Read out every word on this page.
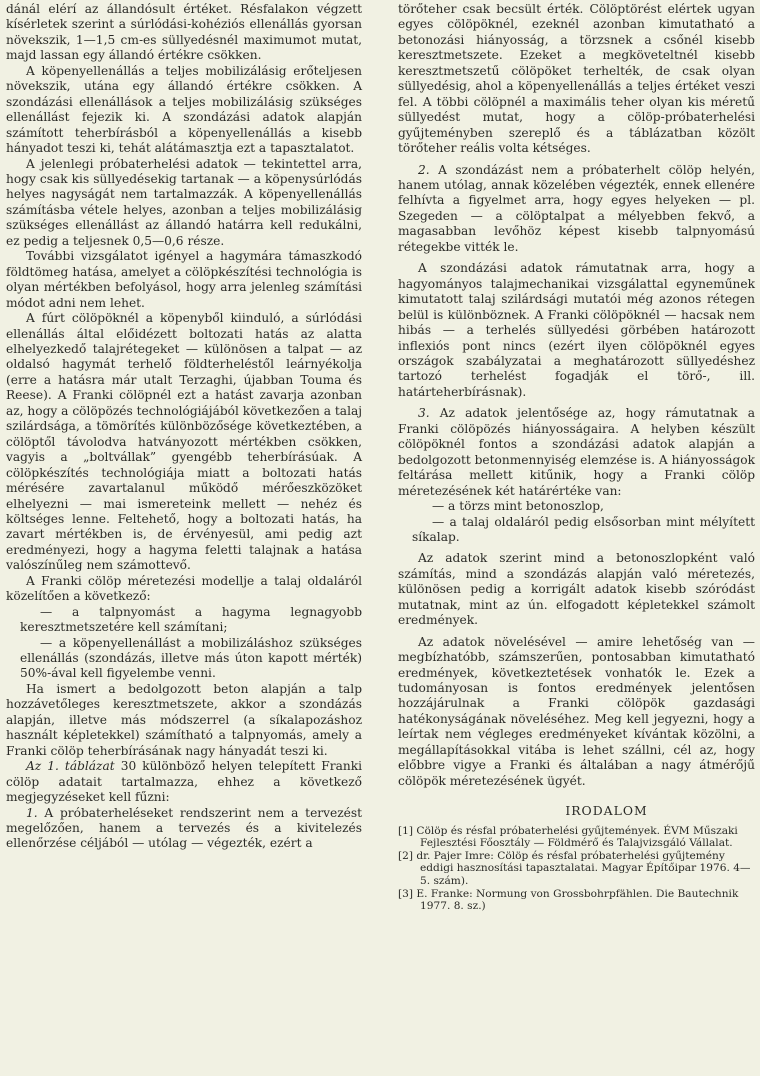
dánál elérí az állandósult értéket. Résfalakon végzett kísérletek szerint a súrlódási-kohéziós ellenállás gyorsan növekszik, 1—1,5 cm-es süllyedésnél maximumot mutat, majd lassan egy állandó értékre csökken.

A köpenyellenállás a teljes mobilizálásig erőteljesen növekszik, utána egy állandó értékre csökken. A szondázási ellenállások a teljes mobilizálásig szükséges ellenállást fejezik ki. A szondázási adatok alapján számított teherbírásból a köpenyellenállás a kisebb hányadot teszi ki, tehát alátámasztja ezt a tapasztalatot.

A jelenlegi próbaterhelési adatok — tekintettel arra, hogy csak kis süllyedésekig tartanak — a köpenysúrlódás helyes nagyságát nem tartalmazzák. A köpenyellenállás számításba vétele helyes, azonban a teljes mobilizálásig szükséges ellenállást az állandó határra kell redukálni, ez pedig a teljesnek 0,5—0,6 része.

További vizsgálatot igényel a hagymára támaszkodó földtömeg hatása, amelyet a cölöpkészítési technológia is olyan mértékben befolyásol, hogy arra jelenleg számítási módot adni nem lehet.

A fúrt cölöpöknél a köpenyből kiinduló, a súrlódási ellenállás által előidézett boltozati hatás az alatta elhelyezkedő talajrétegeket — különösen a talpat — az oldalsó hagymát terhelő földterheléstől leárnyékolja (erre a hatásra már utalt Terzaghi, újabban Touma és Reese). A Franki cölöpnél ezt a hatást zavarja azonban az, hogy a cölöpözés technológiájából következően a talaj szilárdsága, a tömörítés különbözősége következtében, a cölöptől távolodva hatványozott mértékben csökken, vagyis a „boltvállak” gyengébb teherbírásúak. A cölöpkészítés technológiája miatt a boltozati hatás mérésére zavartalanul működő mérőeszközöket elhelyezni — mai ismereteink mellett — nehéz és költséges lenne. Feltehető, hogy a boltozati hatás, ha zavart mértékben is, de érvényesül, ami pedig azt eredményezi, hogy a hagyma feletti talajnak a hatása valószínűleg nem számottevő.

A Franki cölöp méretezési modellje a talaj oldaláról közelítően a következő:

— a talpnyomást a hagyma legnagyobb keresztmetszetére kell számítani;

— a köpenyellenállást a mobilizáláshoz szükséges ellenállás (szondázás, illetve más úton kapott mérték) 50%-ával kell figyelembe venni.

Ha ismert a bedolgozott beton alapján a talp hozzávetőleges keresztmetszete, akkor a szondázás alapján, illetve más módszerrel (a síkalapozáshoz használt képletekkel) számítható a talpnyomás, amely a Franki cölöp teherbírásának nagy hányadát teszi ki.

Az 1. táblázat 30 különböző helyen telepített Franki cölöp adatait tartalmazza, ehhez a következő megjegyzéseket kell fűzni:

1. A próbaterheléseket rendszerint nem a tervezést megelőzően, hanem a tervezés és a kivitelezés ellenőrzése céljából — utólag — végezték, ezért a

törőteher csak becsült érték. Cölöptörést elértek ugyan egyes cölöpöknél, ezeknél azonban kimutatható a betonozási hiányosság, a törzsnek a csőnél kisebb keresztmetszete. Ezeket a megköveteltnél kisebb keresztmetszetű cölöpöket terhelték, de csak olyan süllyedésig, ahol a köpenyellenállás a teljes értéket veszi fel. A többi cölöpnél a maximális teher olyan kis méretű süllyedést mutat, hogy a cölöp-próbaterhelési gyűjteményben szereplő és a táblázatban közölt törőteher reális volta kétséges.

2. A szondázást nem a próbaterhelt cölöp helyén, hanem utólag, annak közelében végezték, ennek ellenére felhívta a figyelmet arra, hogy egyes helyeken — pl. Szegeden — a cölöptalpat a mélyebben fekvő, a magasabban levőhöz képest kisebb talpnyomású rétegekbe vitték le.

A szondázási adatok rámutatnak arra, hogy a hagyományos talajmechanikai vizsgálattal egyneműnek kimutatott talaj szilárdsági mutatói még azonos rétegen belül is különböznek. A Franki cölöpöknél — hacsak nem hibás — a terhelés süllyedési görbében határozott inflexiós pont nincs (ezért ilyen cölöpöknél egyes országok szabályzatai a meghatározott süllyedéshez tartozó terhelést fogadják el törő-, ill. határteherbírásnak).

3. Az adatok jelentősége az, hogy rámutatnak a Franki cölöpözés hiányosságaira. A helyben készült cölöpöknél fontos a szondázási adatok alapján a bedolgozott betonmennyiség elemzése is. A hiányosságok feltárása mellett kitűnik, hogy a Franki cölöp méretezésének két határértéke van:

— a törzs mint betonoszlop,

— a talaj oldaláról pedig elsősorban mint mélyített síkalap.

Az adatok szerint mind a betonoszlopként való számítás, mind a szondázás alapján való méretezés, különösen pedig a korrigált adatok kisebb szóródást mutatnak, mint az ún. elfogadott képletekkel számolt eredmények.

Az adatok növelésével — amire lehetőség van — megbízhatóbb, számszerűen, pontosabban kimutatható eredmények, következtetések vonhatók le. Ezek a tudományosan is fontos eredmények jelentősen hozzájárulnak a Franki cölöpök gazdasági hatékonyságának növeléséhez. Meg kell jegyezni, hogy a leírtak nem végleges eredményeket kívántak közölni, a megállapításokkal vitába is lehet szállni, cél az, hogy előbbre vigye a Franki és általában a nagy átmérőjű cölöpök méretezésének ügyét.

IRODALOM

[1] Cölöp és résfal próbaterhelési gyűjtemények. ÉVM Műszaki Fejlesztési Főosztály — Földmérő és Talajvizsgáló Vállalat.

[2] dr. Pajer Imre: Cölöp és résfal próbaterhelési gyűjtemény eddigi hasznosítási tapasztalatai. Magyar Építőipar 1976. 4—5. szám).

[3] E. Franke: Normung von Grossbohrpfählen. Die Bautechnik 1977. 8. sz.)
